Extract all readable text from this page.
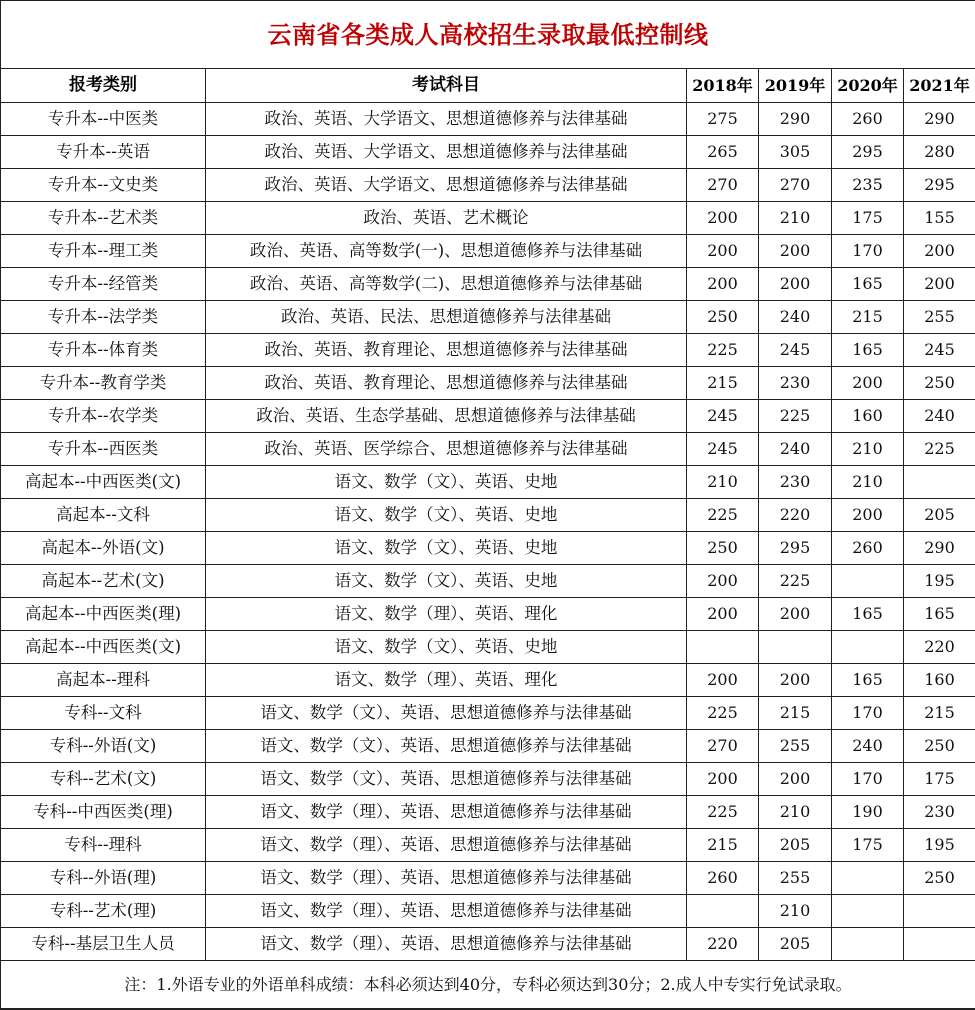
云南省各类成人高校招生录取最低控制线					
报考类别	考试科目	2018年	2019年	2020年	2021年
专升本--中医类	政治、英语、大学语文、思想道德修养与法律基础	275	290	260	290
专升本--英语	政治、英语、大学语文、思想道德修养与法律基础	265	305	295	280
专升本--文史类	政治、英语、大学语文、思想道德修养与法律基础	270	270	235	295
专升本--艺术类	政治、英语、艺术概论	200	210	175	155
专升本--理工类	政治、英语、高等数学(一)、思想道德修养与法律基础	200	200	170	200
专升本--经管类	政治、英语、高等数学(二)、思想道德修养与法律基础	200	200	165	200
专升本--法学类	政治、英语、民法、思想道德修养与法律基础	250	240	215	255
专升本--体育类	政治、英语、教育理论、思想道德修养与法律基础	225	245	165	245
专升本--教育学类	政治、英语、教育理论、思想道德修养与法律基础	215	230	200	250
专升本--农学类	政治、英语、生态学基础、思想道德修养与法律基础	245	225	160	240
专升本--西医类	政治、英语、医学综合、思想道德修养与法律基础	245	240	210	225
高起本--中西医类(文)	语文、数学（文）、英语、史地	210	230	210	
高起本--文科	语文、数学（文）、英语、史地	225	220	200	205
高起本--外语(文)	语文、数学（文）、英语、史地	250	295	260	290
高起本--艺术(文)	语文、数学（文）、英语、史地	200	225		195
高起本--中西医类(理)	语文、数学（理）、英语、理化	200	200	165	165
高起本--中西医类(文)	语文、数学（文）、英语、史地				220
高起本--理科	语文、数学（理）、英语、理化	200	200	165	160
专科--文科	语文、数学（文）、英语、思想道德修养与法律基础	225	215	170	215
专科--外语(文)	语文、数学（文）、英语、思想道德修养与法律基础	270	255	240	250
专科--艺术(文)	语文、数学（文）、英语、思想道德修养与法律基础	200	200	170	175
专科--中西医类(理)	语文、数学（理）、英语、思想道德修养与法律基础	225	210	190	230
专科--理科	语文、数学（理）、英语、思想道德修养与法律基础	215	205	175	195
专科--外语(理)	语文、数学（理）、英语、思想道德修养与法律基础	260	255		250
专科--艺术(理)	语文、数学（理）、英语、思想道德修养与法律基础		210		
专科--基层卫生人员	语文、数学（理）、英语、思想道德修养与法律基础	220	205		
注：1.外语专业的外语单科成绩：本科必须达到40分，专科必须达到30分；2.成人中专实行免试录取。					
